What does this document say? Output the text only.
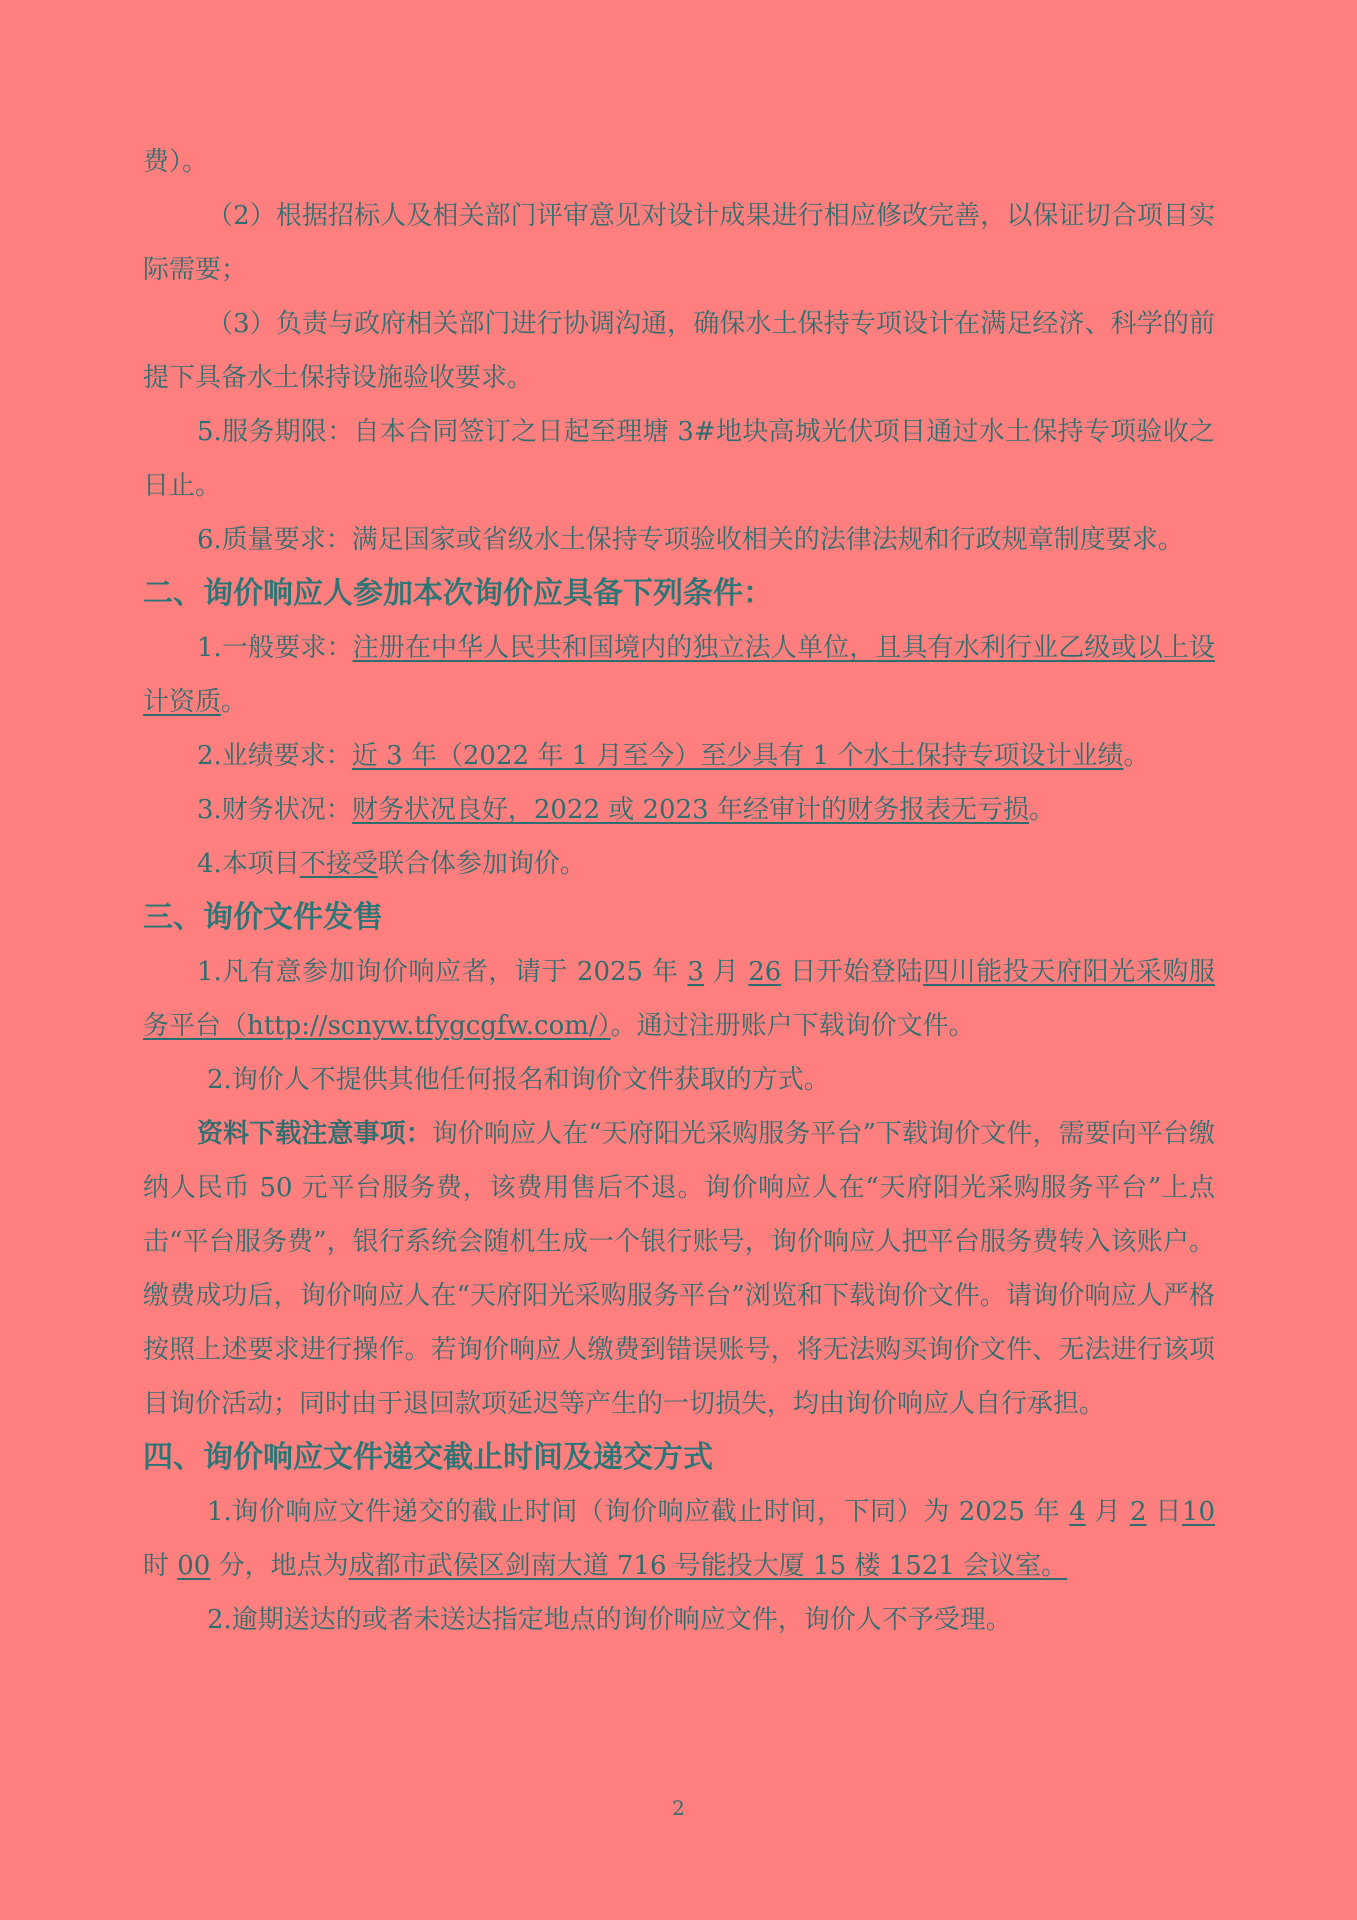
费）。

（2）根据招标人及相关部门评审意见对设计成果进行相应修改完善，以保证切合项目实际需要；

（3）负责与政府相关部门进行协调沟通，确保水土保持专项设计在满足经济、科学的前提下具备水土保持设施验收要求。

5.服务期限：自本合同签订之日起至理塘 3#地块高城光伏项目通过水土保持专项验收之日止。

6.质量要求：满足国家或省级水土保持专项验收相关的法律法规和行政规章制度要求。

二、询价响应人参加本次询价应具备下列条件：

1.一般要求：注册在中华人民共和国境内的独立法人单位，且具有水利行业乙级或以上设计资质。

2.业绩要求：近 3 年（2022 年 1 月至今）至少具有 1 个水土保持专项设计业绩。

3.财务状况：财务状况良好，2022 或 2023 年经审计的财务报表无亏损。

4.本项目不接受联合体参加询价。

三、询价文件发售

1.凡有意参加询价响应者，请于 2025 年 3 月 26 日开始登陆四川能投天府阳光采购服务平台（http://scnyw.tfygcgfw.com/）。通过注册账户下载询价文件。

2.询价人不提供其他任何报名和询价文件获取的方式。

资料下载注意事项：询价响应人在“天府阳光采购服务平台”下载询价文件，需要向平台缴纳人民币 50 元平台服务费，该费用售后不退。询价响应人在“天府阳光采购服务平台”上点击“平台服务费”，银行系统会随机生成一个银行账号，询价响应人把平台服务费转入该账户。缴费成功后，询价响应人在“天府阳光采购服务平台”浏览和下载询价文件。请询价响应人严格按照上述要求进行操作。若询价响应人缴费到错误账号，将无法购买询价文件、无法进行该项目询价活动；同时由于退回款项延迟等产生的一切损失，均由询价响应人自行承担。

四、询价响应文件递交截止时间及递交方式

1.询价响应文件递交的截止时间（询价响应截止时间，下同）为 2025 年 4 月 2 日10 时 00 分，地点为成都市武侯区剑南大道 716 号能投大厦 15 楼 1521 会议室。

2.逾期送达的或者未送达指定地点的询价响应文件，询价人不予受理。

2
